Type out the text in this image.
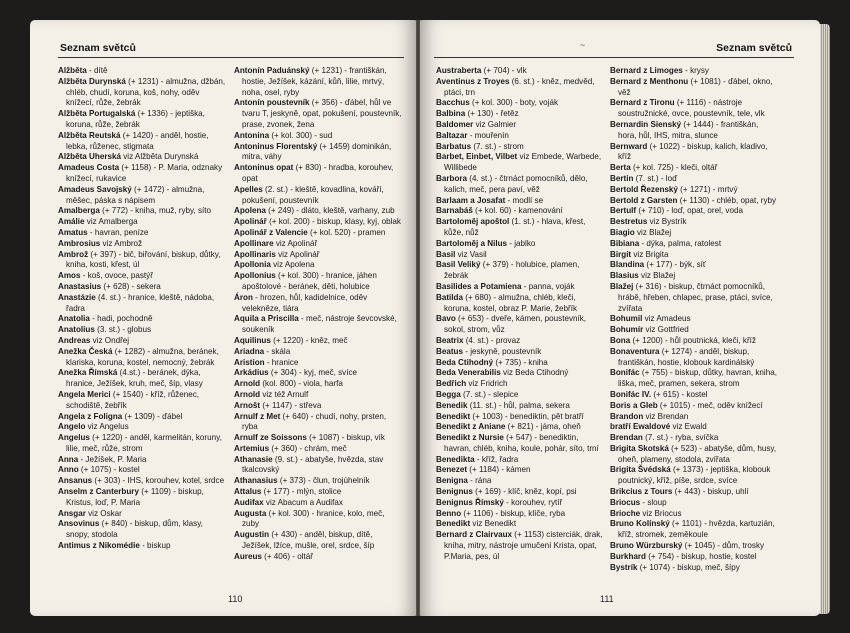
Seznam světců

Alžběta - dítě

Alžběta Durynská (+ 1231) - almužna, džbán, chléb, chudí, koruna, koš, nohy, oděv knížecí, růže, žebrák

Alžběta Portugalská (+ 1336) - jeptiška, koruna, růže, žebrák

Alžběta Reutská (+ 1420) - anděl, hostie, lebka, růženec, stigmata

Alžběta Uherská viz Alžběta Durynská

Amadeus Costa (+ 1158) - P. Maria, odznaky knížecí, rukavice

Amadeus Savojský (+ 1472) - almužna, měšec, páska s nápisem

Amalberga (+ 772) - kniha, muž, ryby, síto

Amálie viz Amalberga

Amatus - havran, peníze

Ambrosius viz Ambrož

Ambrož (+ 397) - bič, biřování, biskup, důtky, kniha, kosti, křest, úl

Amos - koš, ovoce, pastýř

Anastasius (+ 628) - sekera

Anastázie (4. st.) - hranice, kleště, nádoba, řadra

Anatolia - hadi, pochodně

Anatolius (3. st.) - globus

Andreas viz Ondřej

Anežka Česká (+ 1282) - almužna, beránek, klariska, koruna, kostel, nemocný, žebrák

Anežka Římská (4.st.) - beránek, dýka, hranice, Ježíšek, kruh, meč, šíp, vlasy

Angela Merici (+ 1540) - kříž, růženec, schodiště, žebřík

Angela z Foligna (+ 1309) - ďábel

Angelo viz Angelus

Angelus (+ 1220) - anděl, karmelitán, koruny, lilie, meč, růže, strom

Anna - Ježíšek, P. Maria

Anno (+ 1075) - kostel

Ansanus (+ 303) - IHS, korouhev, kotel, srdce

Anselm z Canterbury (+ 1109) - biskup, Kristus, loď, P. Maria

Ansgar viz Oskar

Ansovinus (+ 840) - biskup, dům, klasy, snopy, stodola

Antimus z Nikomédie - biskup

Antonín Paduánský (+ 1231) - františkán, hostie, Ježíšek, kázání, kůň, lilie, mrtvý, noha, osel, ryby

Antonín poustevník (+ 356) - ďábel, hůl ve tvaru T, jeskyně, opat, pokušení, poustevník, prase, zvonek, žena

Antonina (+ kol. 300) - sud

Antoninus Florentský (+ 1459) dominikán, mitra, váhy

Antoninus opat (+ 830) - hradba, korouhev, opat

Apelles (2. st.) - kleště, kovadlina, kováří, pokušení, poustevník

Apolena (+ 249) - dláto, kleště, varhany, zub

Apolinář (+ kol. 200) - biskup, klasy, kyj, oblak

Apolinář z Valencie (+ kol. 520) - pramen

Apollinare viz Apolinář

Apollinaris viz Apolinář

Apollonia viz Apolena

Apollonius (+ kol. 300) - hranice, jáhen apoštolové - beránek, děti, holubice

Áron - hrozen, hůl, kadidelnice, oděv velekněze, tiára

Aquila a Priscilla - meč, nástroje ševcovské, soukeník

Aquilinus (+ 1220) - kněz, meč

Ariadna - skála

Aristion - hranice

Arkádius (+ 304) - kyj, meč, svíce

Arnold (kol. 800) - viola, harfa

Arnold viz též Arnulf

Arnošt (+ 1147) - střeva

Arnulf z Met (+ 640) - chudí, nohy, prsten, ryba

Arnulf ze Soissons (+ 1087) - biskup, vík

Artemius (+ 360) - chrám, meč

Athanasie (9. st.) - abatyše, hvězda, stav tkalcovský

Athanasius (+ 373) - člun, trojúhelník

Attalus (+ 177) - mlýn, stolice

Audifax viz Abacum a Audifax

Augusta (+ kol. 300) - hranice, kolo, meč, zuby

Augustin (+ 430) - anděl, biskup, dítě, Ježíšek, lžíce, mušle, orel, srdce, šíp

Aureus (+ 406) - oltář

110
~	Seznam světců

Austraberta (+ 704) - vlk

Aventinus z Troyes (6. st.) - kněz, medvěd, ptáci, trn

Bacchus (+ kol. 300) - boty, voják

Balbina (+ 130) - řetěz

Baldomer viz Galmier

Baltazar - mouřenín

Barbatus (7. st.) - strom

Barbet, Einbet, Vilbet viz Embede, Warbede, Willibede

Barbora (4. st.) - čtrnáct pomocníků, dělo, kalich, meč, pera paví, věž

Barlaam a Josafat - modlí se

Barnabáš (+ kol. 60) - kamenování

Bartoloměj apoštol (1. st.) - hlava, křest, kůže, nůž

Bartoloměj a Nilus - jablko

Basil viz Vasil

Basil Veliký (+ 379) - holubice, plamen, žebrák

Basilides a Potamiena - panna, voják

Batilda (+ 680) - almužna, chléb, kleči, koruna, kostel, obraz P. Marie, žebřík

Bavo (+ 653) - dveře, kámen, poustevník, sokol, strom, vůz

Beatrix (4. st.) - provaz

Beatus - jeskyně, poustevník

Beda Ctihodný (+ 735) - kniha

Beda Venerabilis viz Beda Ctihodný

Bedřich viz Fridrich

Begga (7. st.) - slepice

Benedik (11. st.) - hůl, palma, sekera

Benedikt (+ 1003) - benediktin, pět bratří

Benedikt z Aniane (+ 821) - jáma, oheň

Benedikt z Nursie (+ 547) - benediktin, havran, chléb, kniha, koule, pohár, síto, trní

Benedikta - kříž, řadra

Benezet (+ 1184) - kámen

Benigna - rána

Benignus (+ 169) - klíč, kněz, kopí, psi

Benignus Římský - korouhev, rytíř

Benno (+ 1106) - biskup, klíče, ryba

Benedikt viz Benedikt

Bernard z Clairvaux (+ 1153) cisterciák, drak, kniha, mitry, nástroje umučení Krista, opat, P.Maria, pes, úl

Bernard z Limoges - krysy

Bernard z Menthonu (+ 1081) - ďábel, okno, věž

Bernard z Tironu (+ 1116) - nástroje soustružnické, ovce, poustevník, tele, vlk

Bernardin Sienský (+ 1444) - františkán, hora, hůl, IHS, mitra, slunce

Bernward (+ 1022) - biskup, kalich, kladivo, kříž

Berta (+ kol. 725) - kleči, oltář

Bertin (7. st.) - loď

Bertold Řezenský (+ 1271) - mrtvý

Bertold z Garsten (+ 1130) - chléb, opat, ryby

Bertulf (+ 710) - loď, opat, orel, voda

Bestretus viz Bystrík

Biagio viz Blažej

Bibiana - dýka, palma, ratolest

Birgit viz Brigita

Blandina (+ 177) - býk, síť

Blasius viz Blažej

Blažej (+ 316) - biskup, čtrnáct pomocníků, hrábě, hřeben, chlapec, prase, ptáci, svíce, zvířata

Bohumil viz Amadeus

Bohumír viz Gottfried

Bona (+ 1200) - hůl poutnická, kleči, kříž

Bonaventura (+ 1274) - anděl, biskup, františkán, hostie, klobouk kardinálský

Bonifác (+ 755) - biskup, důtky, havran, kniha, liška, meč, pramen, sekera, strom

Bonifác IV. (+ 615) - kostel

Boris a Gleb (+ 1015) - meč, oděv knížecí

Brandon viz Brendan

bratří Ewaldové viz Ewald

Brendan (7. st.) - ryba, svíčka

Brigita Skotská (+ 523) - abatyše, dům, husy, oheň, plameny, stodola, zvířata

Brigita Švédská (+ 1373) - jeptiška, klobouk poutnický, kříž, píše, srdce, svíce

Brikcius z Tours (+ 443) - biskup, uhlí

Briocus - sloup

Brioche viz Briocus

Bruno Kolínský (+ 1101) - hvězda, kartuzián, kříž, stromek, zeměkoule

Bruno Würzburský (+ 1045) - dům, trosky

Burkhard (+ 754) - biskup, hostie, kostel

Bystrík (+ 1074) - biskup, meč, šípy

111
